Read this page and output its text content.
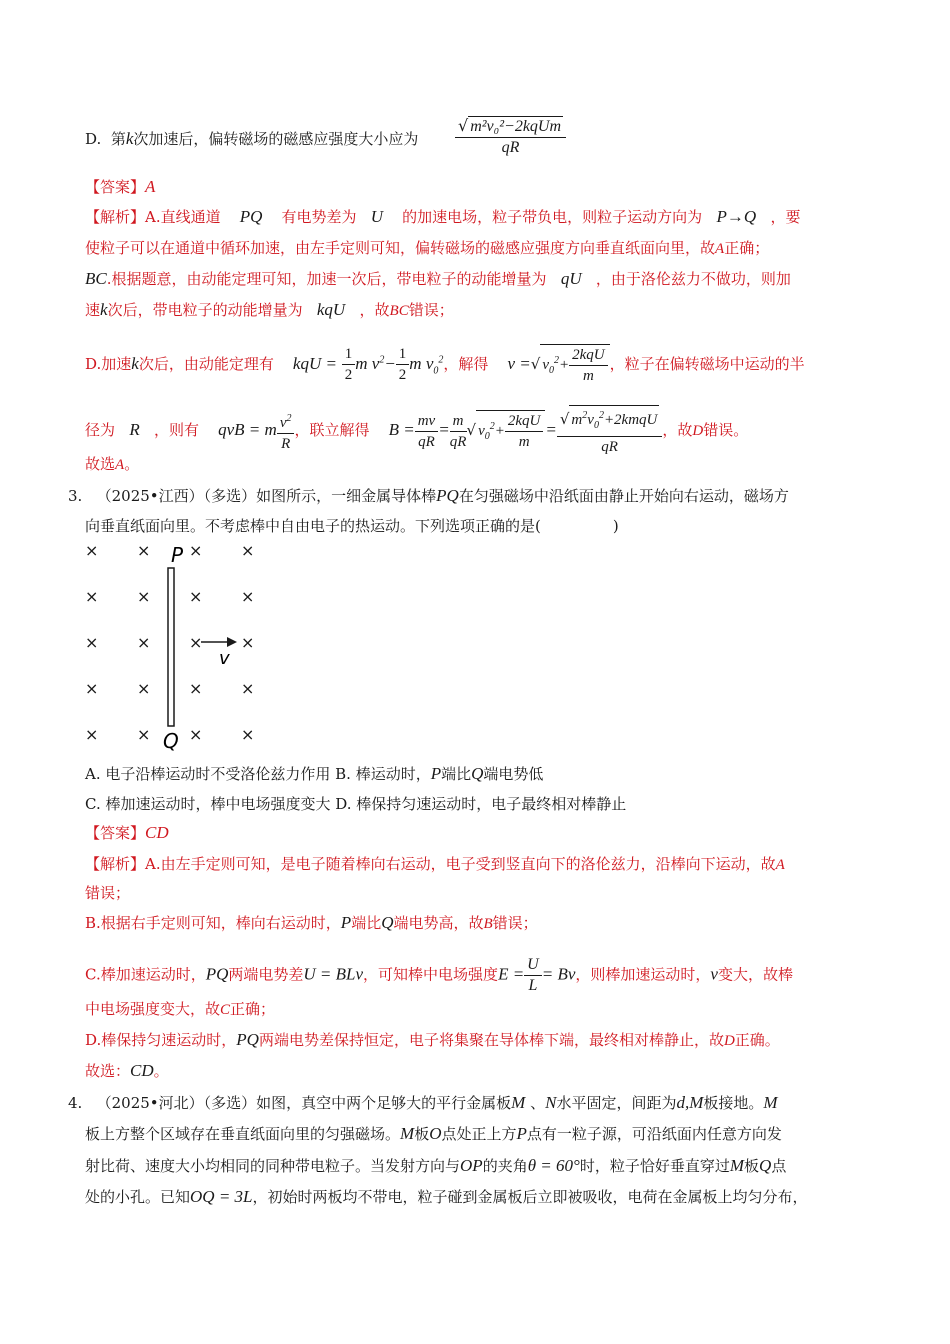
D. 第k次加速后，偏转磁场的磁感应强度大小应为 $\frac{\text{√ m²v₀²−2kqUm}}{qR}$
【答案】A
【解析】A.直线通道 PQ 有电势差为 U 的加速电场，粒子带负电，则粒子运动方向为 P→Q ，要
使粒子可以在通道中循环加速，由左手定则可知，偏转磁场的磁感应强度方向垂直纸面向里，故A正确；
BC.根据题意，由动能定理可知，加速一次后，带电粒子的动能增量为 qU ，由于洛伦兹力不做功，则加
速k次后，带电粒子的动能增量为 kqU ，故BC错误；
D.加速k次后，由动能定理有 kqU = $\frac{1}{2}$ m $v^2- \frac{1}{2}$ m $v_0^2$，解得 v =√ $v_0^2+ \frac{\text{2kqU}}{m}$ ，粒子在偏转磁场中运动的半
径为 R ，则有 qvB = m $\frac{v^2}{R}$ ，联立解得 $B = \frac{mv}{qR} = \frac{m}{qR}$ √ $v_0^2+ \frac{\text{2kqU}}{m} = \frac{√ m^2v_0^2+2kmqU}{qR}$ ，故D错误。
故选A。
3. （2025•江西）（多选）如图所示，一细金属导体棒PQ在匀强磁场中沿纸面由静止开始向右运动，磁场方
向垂直纸面向里。不考虑棒中自由电子的热运动。下列选项正确的是(	)
× × × ×
× × × ×
× × × ×
× × × ×
× × × ×
P
Q
v
A. 电子沿棒运动时不受洛伦兹力作用 B. 棒运动时，P端比Q端电势低
C. 棒加速运动时，棒中电场强度变大 D. 棒保持匀速运动时，电子最终相对棒静止
【答案】CD
【解析】A.由左手定则可知，是电子随着棒向右运动，电子受到竖直向下的洛伦兹力，沿棒向下运动，故A
错误；
B.根据右手定则可知，棒向右运动时，P端比Q端电势高，故B错误；
C.棒加速运动时，PQ两端电势差U = BLv，可知棒中电场强度$E = \frac{U}{L} = Bv$，则棒加速运动时，v变大，故棒
中电场强度变大，故C正确；
D.棒保持匀速运动时，PQ两端电势差保持恒定，电子将集聚在导体棒下端，最终相对棒静止，故D正确。
故选：CD。
4. （2025•河北）（多选）如图，真空中两个足够大的平行金属板M 、N水平固定，间距为d,M板接地。M
板上方整个区域存在垂直纸面向里的匀强磁场。M板O点处正上方P点有一粒子源，可沿纸面内任意方向发
射比荷、速度大小均相同的同种带电粒子。当发射方向与OP的夹角θ = 60°时，粒子恰好垂直穿过M板Q点
处的小孔。已知OQ = 3L，初始时两板均不带电，粒子碰到金属板后立即被吸收，电荷在金属板上均匀分布，
